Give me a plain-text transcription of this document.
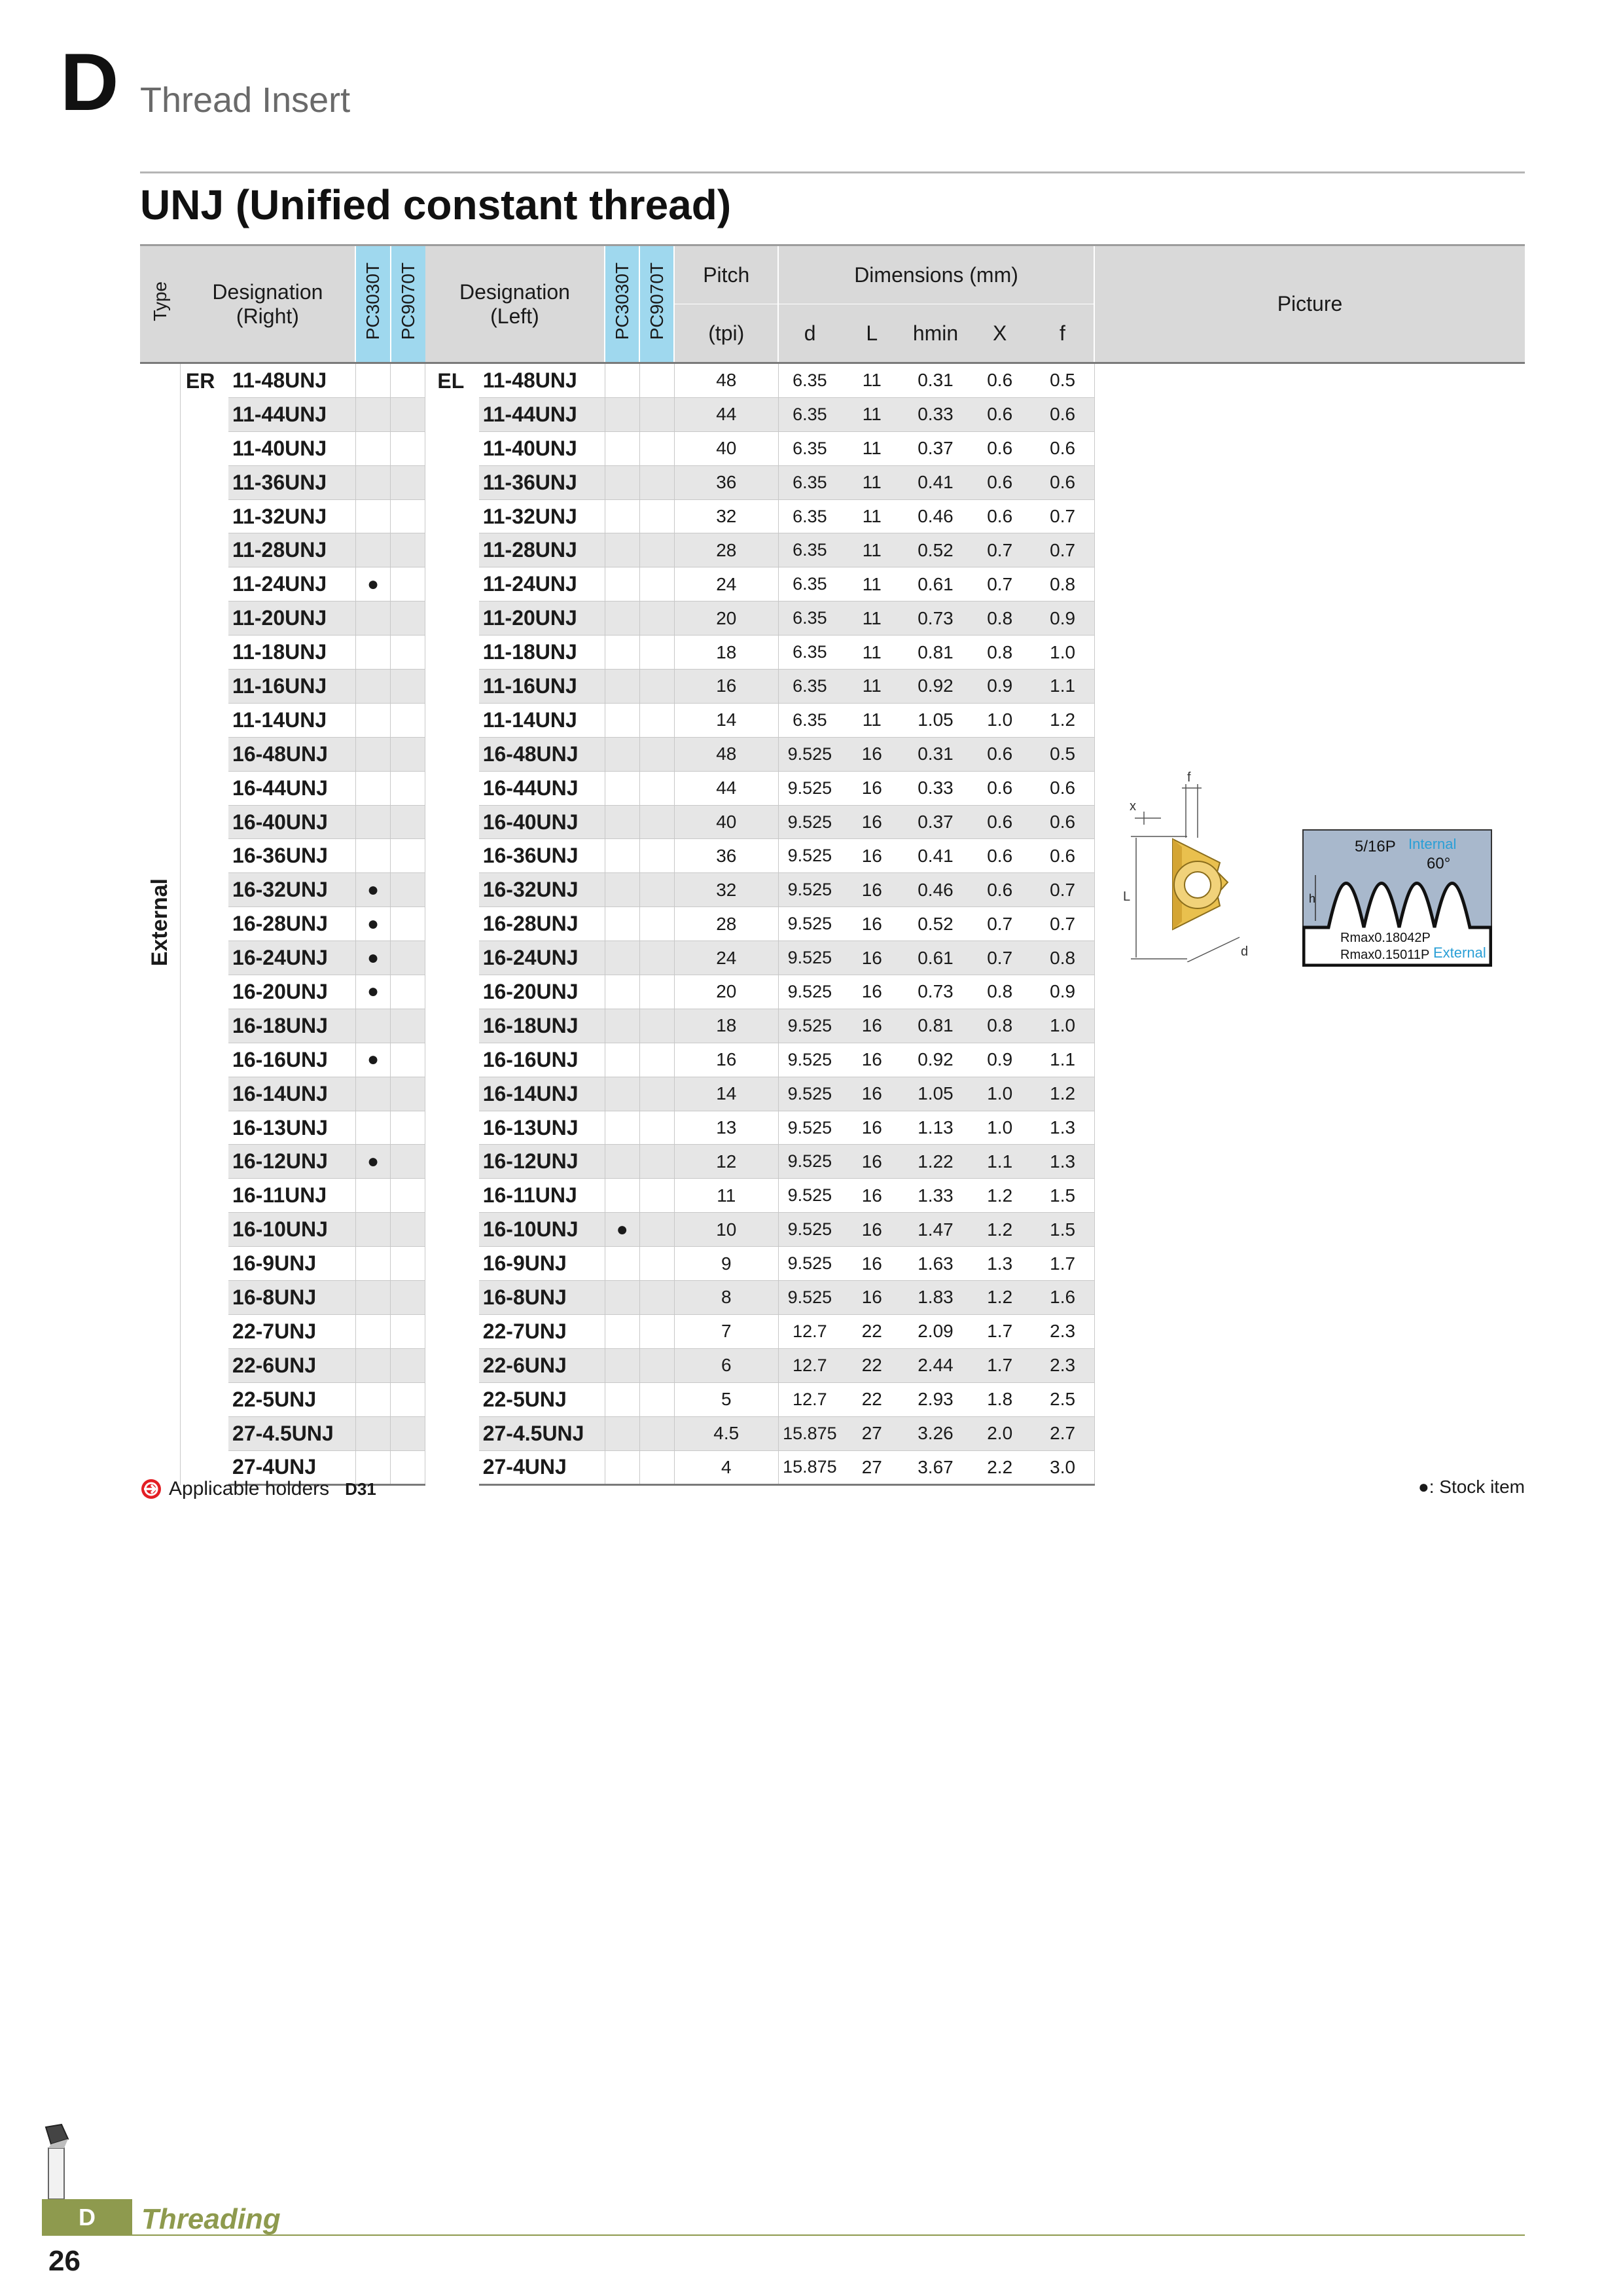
D Thread Insert
UNJ (Unified constant thread)
Type	Designation
(Right)		PC3030T	PC9070T	Designation
(Left)		PC3030T	PC9070T	Pitch	Dimensions (mm)					Picture
									(tpi)	d	L	hmin	X	f	
External	ER	11-48UNJ			EL	11-48UNJ			48	6.35	11	0.31	0.6	0.5	
		11-44UNJ				11-44UNJ			44	6.35	11	0.33	0.6	0.6	
		11-40UNJ				11-40UNJ			40	6.35	11	0.37	0.6	0.6	
		11-36UNJ				11-36UNJ			36	6.35	11	0.41	0.6	0.6	
		11-32UNJ				11-32UNJ			32	6.35	11	0.46	0.6	0.7	
		11-28UNJ				11-28UNJ			28	6.35	11	0.52	0.7	0.7	
		11-24UNJ	●			11-24UNJ			24	6.35	11	0.61	0.7	0.8	
		11-20UNJ				11-20UNJ			20	6.35	11	0.73	0.8	0.9	
		11-18UNJ				11-18UNJ			18	6.35	11	0.81	0.8	1.0	
		11-16UNJ				11-16UNJ			16	6.35	11	0.92	0.9	1.1	
		11-14UNJ				11-14UNJ			14	6.35	11	1.05	1.0	1.2	
		16-48UNJ				16-48UNJ			48	9.525	16	0.31	0.6	0.5	
		16-44UNJ				16-44UNJ			44	9.525	16	0.33	0.6	0.6	
		16-40UNJ				16-40UNJ			40	9.525	16	0.37	0.6	0.6	
		16-36UNJ				16-36UNJ			36	9.525	16	0.41	0.6	0.6	
		16-32UNJ	●			16-32UNJ			32	9.525	16	0.46	0.6	0.7	
		16-28UNJ	●			16-28UNJ			28	9.525	16	0.52	0.7	0.7	
		16-24UNJ	●			16-24UNJ			24	9.525	16	0.61	0.7	0.8	
		16-20UNJ	●			16-20UNJ			20	9.525	16	0.73	0.8	0.9	
		16-18UNJ				16-18UNJ			18	9.525	16	0.81	0.8	1.0	
		16-16UNJ	●			16-16UNJ			16	9.525	16	0.92	0.9	1.1	
		16-14UNJ				16-14UNJ			14	9.525	16	1.05	1.0	1.2	
		16-13UNJ				16-13UNJ			13	9.525	16	1.13	1.0	1.3	
		16-12UNJ	●			16-12UNJ			12	9.525	16	1.22	1.1	1.3	
		16-11UNJ				16-11UNJ			11	9.525	16	1.33	1.2	1.5	
		16-10UNJ				16-10UNJ	●		10	9.525	16	1.47	1.2	1.5	
		16-9UNJ				16-9UNJ			9	9.525	16	1.63	1.3	1.7	
		16-8UNJ				16-8UNJ			8	9.525	16	1.83	1.2	1.6	
		22-7UNJ				22-7UNJ			7	12.7	22	2.09	1.7	2.3	
		22-6UNJ				22-6UNJ			6	12.7	22	2.44	1.7	2.3	
		22-5UNJ				22-5UNJ			5	12.7	22	2.93	1.8	2.5	
		27-4.5UNJ				27-4.5UNJ			4.5	15.875	27	3.26	2.0	2.7	
		27-4UNJ				27-4UNJ			4	15.875	27	3.67	2.2	3.0	
Applicable holders D31	●: Stock item
x
f
L
d
5/16P Internal
60°
h
Rmax0.18042P
Rmax0.15011P External
D	Threading
26
